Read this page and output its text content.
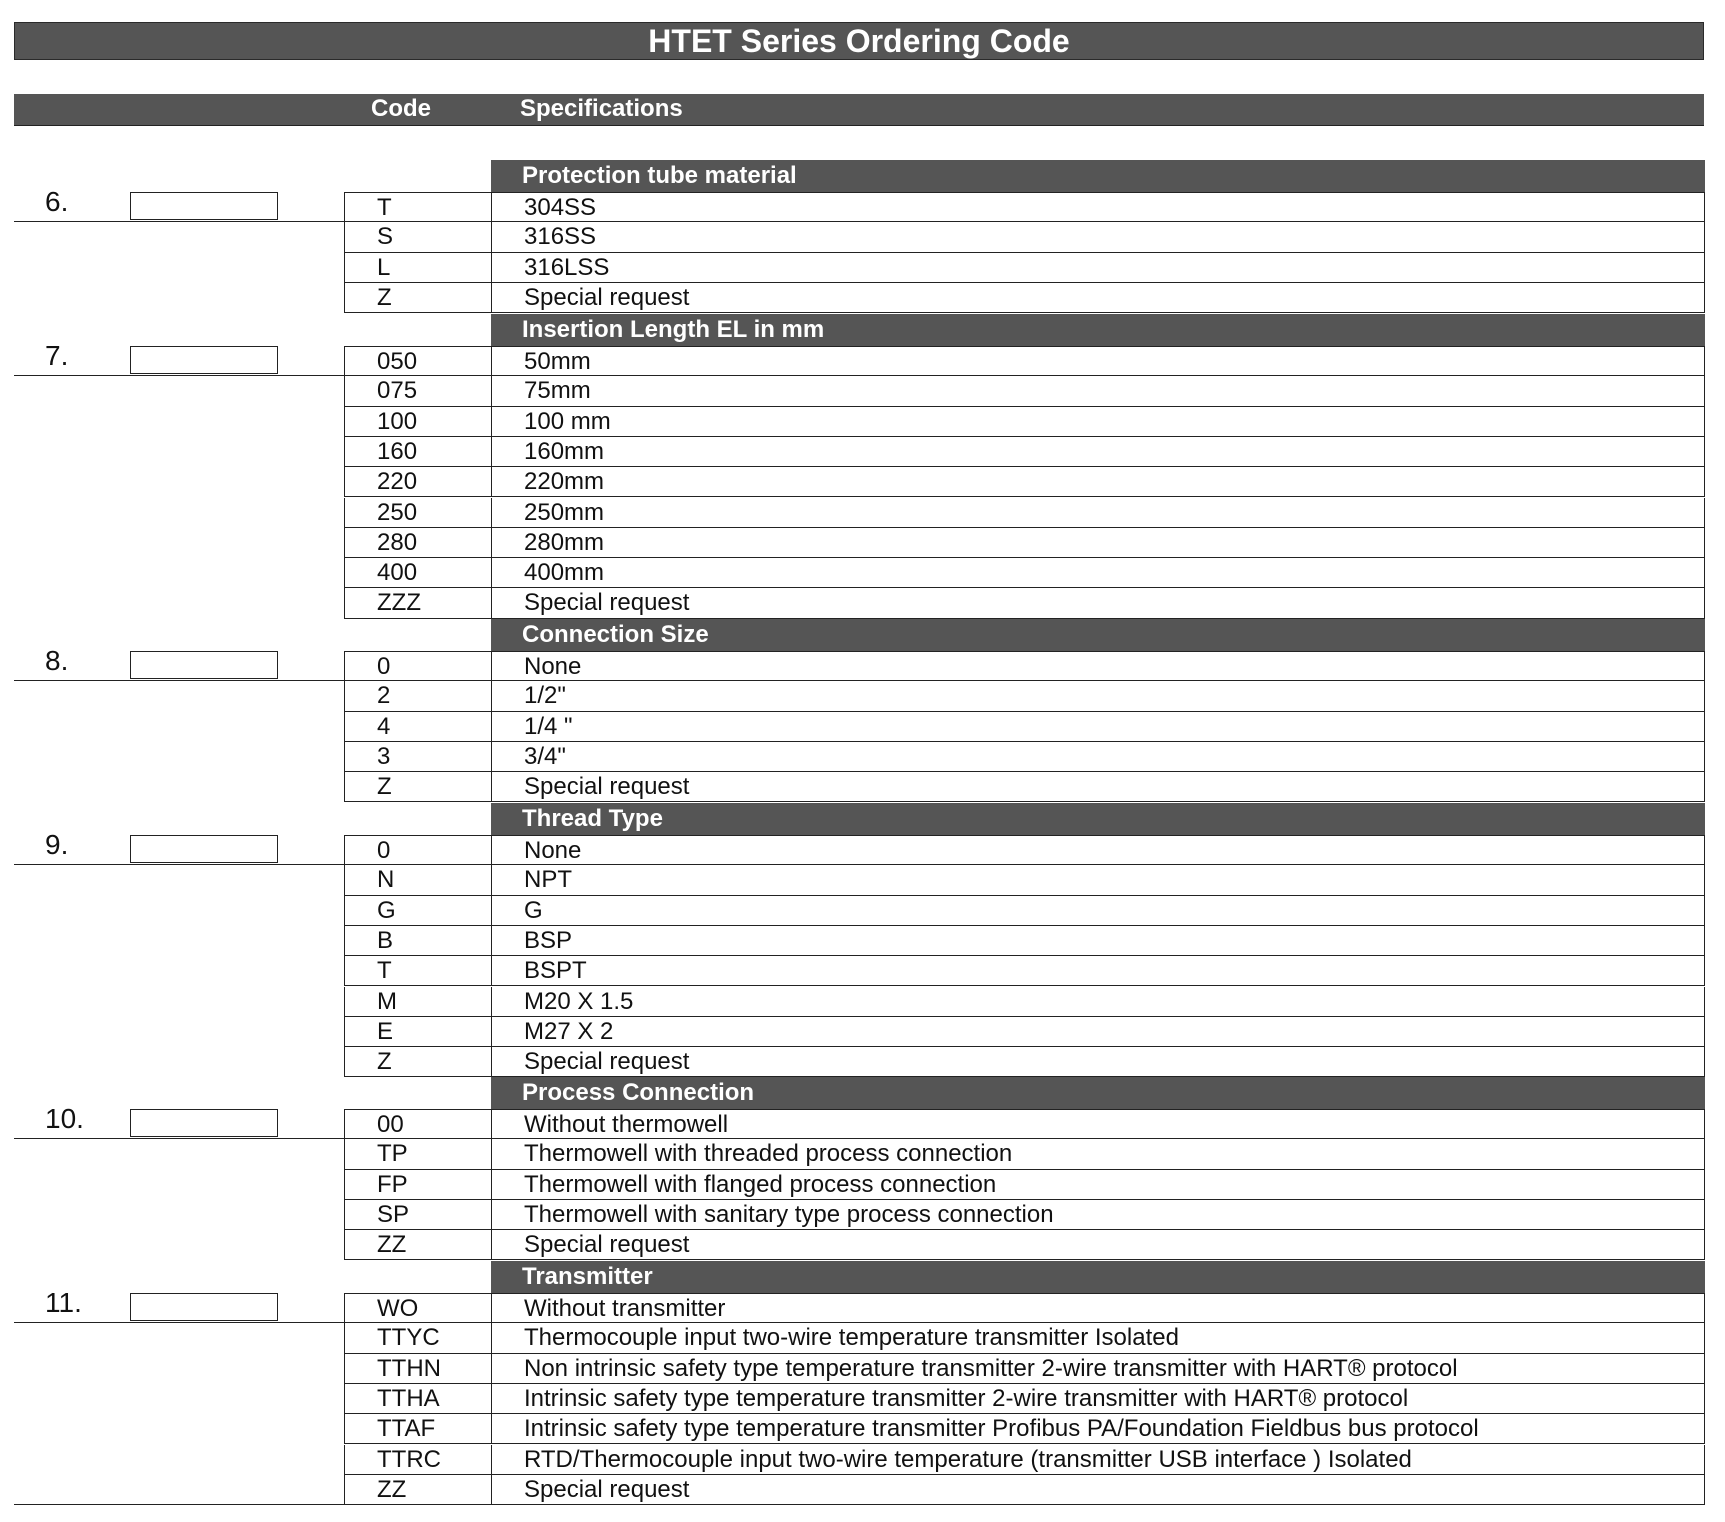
HTET Series Ordering Code
Code	Specifications
Protection tube material
6.	T	304SS
S	316SS
L	316LSS
Z	Special request
Insertion Length EL in mm
7.	050	50mm
075	75mm
100	100 mm
160	160mm
220	220mm
250	250mm
280	280mm
400	400mm
ZZZ	Special request
Connection Size
8.	0	None
2	1/2"
4	1/4 "
3	3/4"
Z	Special request
Thread Type
9.	0	None
N	NPT
G	G
B	BSP
T	BSPT
M	M20 X 1.5
E	M27 X 2
Z	Special request
Process Connection
10.	00	Without thermowell
TP	Thermowell with threaded process connection
FP	Thermowell with flanged process connection
SP	Thermowell with sanitary type process connection
ZZ	Special request
Transmitter
11.	WO	Without transmitter
TTYC	Thermocouple input two-wire temperature transmitter Isolated
TTHN	Non intrinsic safety type temperature transmitter 2-wire transmitter with HART® protocol
TTHA	Intrinsic safety type temperature transmitter 2-wire transmitter with HART® protocol
TTAF	Intrinsic safety type temperature transmitter Profibus PA/Foundation Fieldbus bus protocol
TTRC	RTD/Thermocouple input two-wire temperature (transmitter USB interface ) Isolated
ZZ	Special request
